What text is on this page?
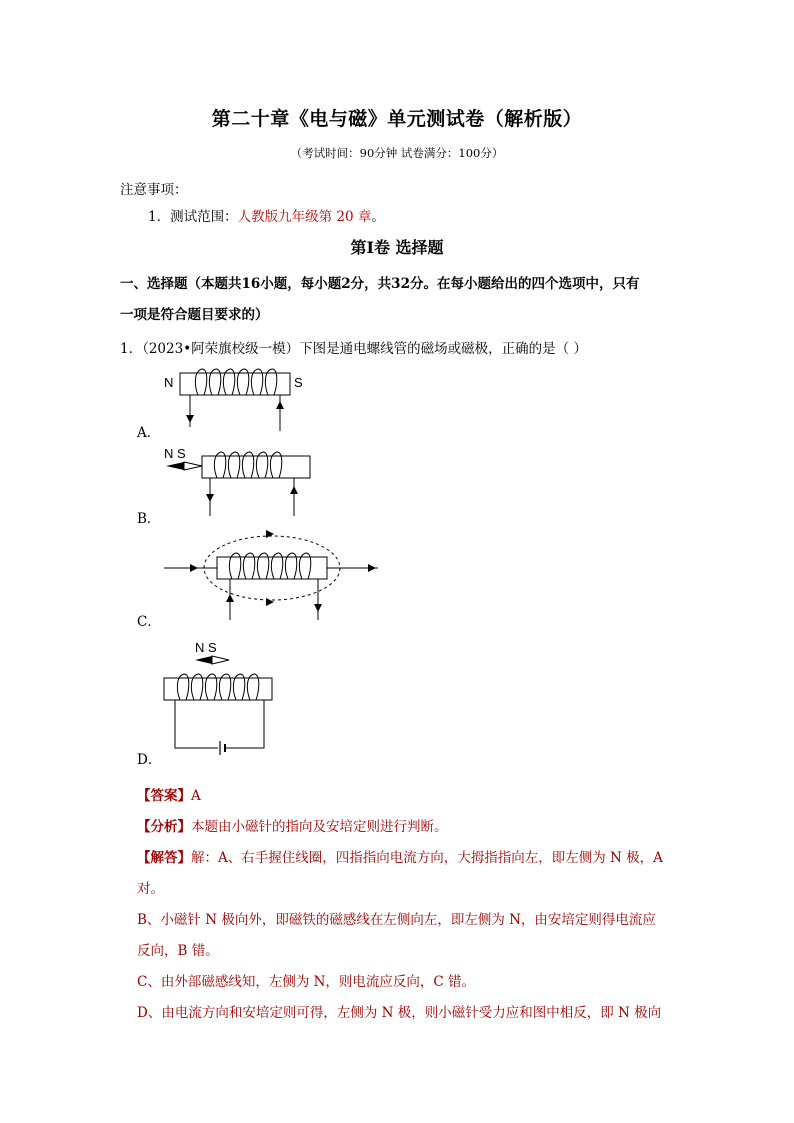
第二十章《电与磁》单元测试卷（解析版）
（考试时间：90分钟 试卷满分：100分）
注意事项：
1．测试范围：人教版九年级第 20 章。
第Ⅰ卷 选择题
一、选择题（本题共16小题，每小题2分，共32分。在每小题给出的四个选项中，只有
一项是符合题目要求的）
1．（2023•阿荣旗校级一模）下图是通电螺线管的磁场或磁极，正确的是（ ）
N	S
A．
N S
B．
C．
N S
D．
【答案】A
【分析】本题由小磁针的指向及安培定则进行判断。
【解答】解：A、右手握住线圈，四指指向电流方向，大拇指指向左，即左侧为 N 极，A
对。
B、小磁针 N 极向外，即磁铁的磁感线在左侧向左，即左侧为 N，由安培定则得电流应
反向，B 错。
C、由外部磁感线知，左侧为 N，则电流应反向，C 错。
D、由电流方向和安培定则可得，左侧为 N 极，则小磁针受力应和图中相反，即 N 极向
